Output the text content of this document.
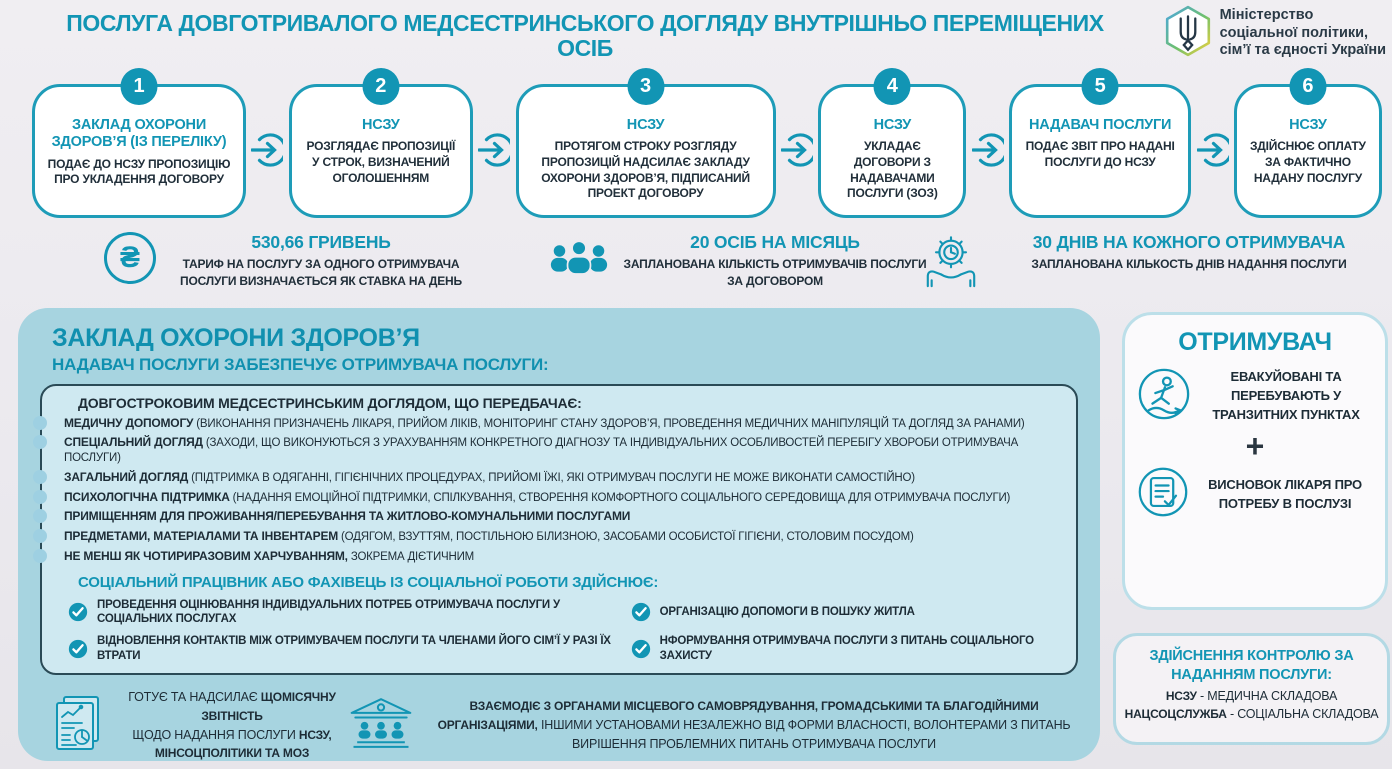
ПОСЛУГА ДОВГОТРИВАЛОГО МЕДСЕСТРИНСЬКОГО ДОГЛЯДУ ВНУТРІШНЬО ПЕРЕМІЩЕНИХ ОСІБ
Міністерство
соціальної політики,
сім’ї та єдності України
1
ЗАКЛАД ОХОРОНИ ЗДОРОВ’Я (ІЗ ПЕРЕЛІКУ)
ПОДАЄ ДО НСЗУ ПРОПОЗИЦІЮ ПРО УКЛАДЕННЯ ДОГОВОРУ
2
НСЗУ
РОЗГЛЯДАЄ ПРОПОЗИЦІЇ У СТРОК, ВИЗНАЧЕНИЙ ОГОЛОШЕННЯМ
3
НСЗУ
ПРОТЯГОМ СТРОКУ РОЗГЛЯДУ ПРОПОЗИЦІЙ НАДСИЛАЄ ЗАКЛАДУ ОХОРОНИ ЗДОРОВ’Я, ПІДПИСАНИЙ ПРОЕКТ ДОГОВОРУ
4
НСЗУ
УКЛАДАЄ ДОГОВОРИ З НАДАВАЧАМИ ПОСЛУГИ (ЗОЗ)
5
НАДАВАЧ ПОСЛУГИ
ПОДАЄ ЗВІТ ПРО НАДАНІ ПОСЛУГИ ДО НСЗУ
6
НСЗУ
ЗДІЙСНЮЄ ОПЛАТУ ЗА ФАКТИЧНО НАДАНУ ПОСЛУГУ
₴	530,66 ГРИВЕНЬ
ТАРИФ НА ПОСЛУГУ ЗА ОДНОГО ОТРИМУВАЧА ПОСЛУГИ ВИЗНАЧАЄТЬСЯ ЯК СТАВКА НА ДЕНЬ
20 ОСІБ НА МІСЯЦЬ
ЗАПЛАНОВАНА КІЛЬКІСТЬ ОТРИМУВАЧІВ ПОСЛУГИ ЗА ДОГОВОРОМ
30 ДНІВ НА КОЖНОГО ОТРИМУВАЧА
ЗАПЛАНОВАНА КІЛЬКОСТЬ ДНІВ НАДАННЯ ПОСЛУГИ
ЗАКЛАД ОХОРОНИ ЗДОРОВ’Я
НАДАВАЧ ПОСЛУГИ ЗАБЕЗПЕЧУЄ ОТРИМУВАЧА ПОСЛУГИ:
ДОВГОСТРОКОВИМ МЕДСЕСТРИНСЬКИМ ДОГЛЯДОМ, ЩО ПЕРЕДБАЧАЄ:
МЕДИЧНУ ДОПОМОГУ (ВИКОНАННЯ ПРИЗНАЧЕНЬ ЛІКАРЯ, ПРИЙОМ ЛІКІВ, МОНІТОРИНГ СТАНУ ЗДОРОВ’Я, ПРОВЕДЕННЯ МЕДИЧНИХ МАНІПУЛЯЦІЙ ТА ДОГЛЯД ЗА РАНАМИ)
СПЕЦІАЛЬНИЙ ДОГЛЯД (ЗАХОДИ, ЩО ВИКОНУЮТЬСЯ З УРАХУВАННЯМ КОНКРЕТНОГО ДІАГНОЗУ ТА ІНДИВІДУАЛЬНИХ ОСОБЛИВОСТЕЙ ПЕРЕБІГУ ХВОРОБИ ОТРИМУВАЧА ПОСЛУГИ)
ЗАГАЛЬНИЙ ДОГЛЯД (ПІДТРИМКА В ОДЯГАННІ, ГІГІЄНІЧНИХ ПРОЦЕДУРАХ, ПРИЙОМІ ЇЖІ, ЯКІ ОТРИМУВАЧ ПОСЛУГИ НЕ МОЖЕ ВИКОНАТИ САМОСТІЙНО)
ПСИХОЛОГІЧНА ПІДТРИМКА (НАДАННЯ ЕМОЦІЙНОЇ ПІДТРИМКИ, СПІЛКУВАННЯ, СТВОРЕННЯ КОМФОРТНОГО СОЦІАЛЬНОГО СЕРЕДОВИЩА ДЛЯ ОТРИМУВАЧА ПОСЛУГИ)
ПРИМІЩЕННЯМ ДЛЯ ПРОЖИВАННЯ/ПЕРЕБУВАННЯ ТА ЖИТЛОВО-КОМУНАЛЬНИМИ ПОСЛУГАМИ
ПРЕДМЕТАМИ, МАТЕРІАЛАМИ ТА ІНВЕНТАРЕМ (ОДЯГОМ, ВЗУТТЯМ, ПОСТІЛЬНОЮ БІЛИЗНОЮ, ЗАСОБАМИ ОСОБИСТОЇ ГІГІЄНИ, СТОЛОВИМ ПОСУДОМ)
НЕ МЕНШ ЯК ЧОТИРИРАЗОВИМ ХАРЧУВАННЯМ, ЗОКРЕМА ДІЄТИЧНИМ
СОЦІАЛЬНИЙ ПРАЦІВНИК АБО ФАХІВЕЦЬ ІЗ СОЦІАЛЬНОЇ РОБОТИ ЗДІЙСНЮЄ:
ПРОВЕДЕННЯ ОЦІНЮВАННЯ ІНДИВІДУАЛЬНИХ ПОТРЕБ ОТРИМУВАЧА ПОСЛУГИ У СОЦІАЛЬНИХ ПОСЛУГАХ
ВІДНОВЛЕННЯ КОНТАКТІВ МІЖ ОТРИМУВАЧЕМ ПОСЛУГИ ТА ЧЛЕНАМИ ЙОГО СІМ’Ї У РАЗІ ЇХ ВТРАТИ
ОРГАНІЗАЦІЮ ДОПОМОГИ В ПОШУКУ ЖИТЛА
НФОРМУВАННЯ ОТРИМУВАЧА ПОСЛУГИ З ПИТАНЬ СОЦІАЛЬНОГО ЗАХИСТУ
ГОТУЄ ТА НАДСИЛАЄ ЩОМІСЯЧНУ ЗВІТНІСТЬ
ЩОДО НАДАННЯ ПОСЛУГИ НСЗУ,
МІНСОЦПОЛІТИКИ ТА МОЗ
ВЗАЄМОДІЄ З ОРГАНАМИ МІСЦЕВОГО САМОВРЯДУВАННЯ, ГРОМАДСЬКИМИ ТА БЛАГОДІЙНИМИ ОРГАНІЗАЦІЯМИ, ІНШИМИ УСТАНОВАМИ НЕЗАЛЕЖНО ВІД ФОРМИ ВЛАСНОСТІ, ВОЛОНТЕРАМИ З ПИТАНЬ ВИРІШЕННЯ ПРОБЛЕМНИХ ПИТАНЬ ОТРИМУВАЧА ПОСЛУГИ
ОТРИМУВАЧ
ЕВАКУЙОВАНІ ТА ПЕРЕБУВАЮТЬ У ТРАНЗИТНИХ ПУНКТАХ
+
ВИСНОВОК ЛІКАРЯ ПРО ПОТРЕБУ В ПОСЛУЗІ
ЗДІЙСНЕННЯ КОНТРОЛЮ ЗА НАДАННЯМ ПОСЛУГИ:
НСЗУ - МЕДИЧНА СКЛАДОВА
НАЦСОЦСЛУЖБА - СОЦІАЛЬНА СКЛАДОВА
